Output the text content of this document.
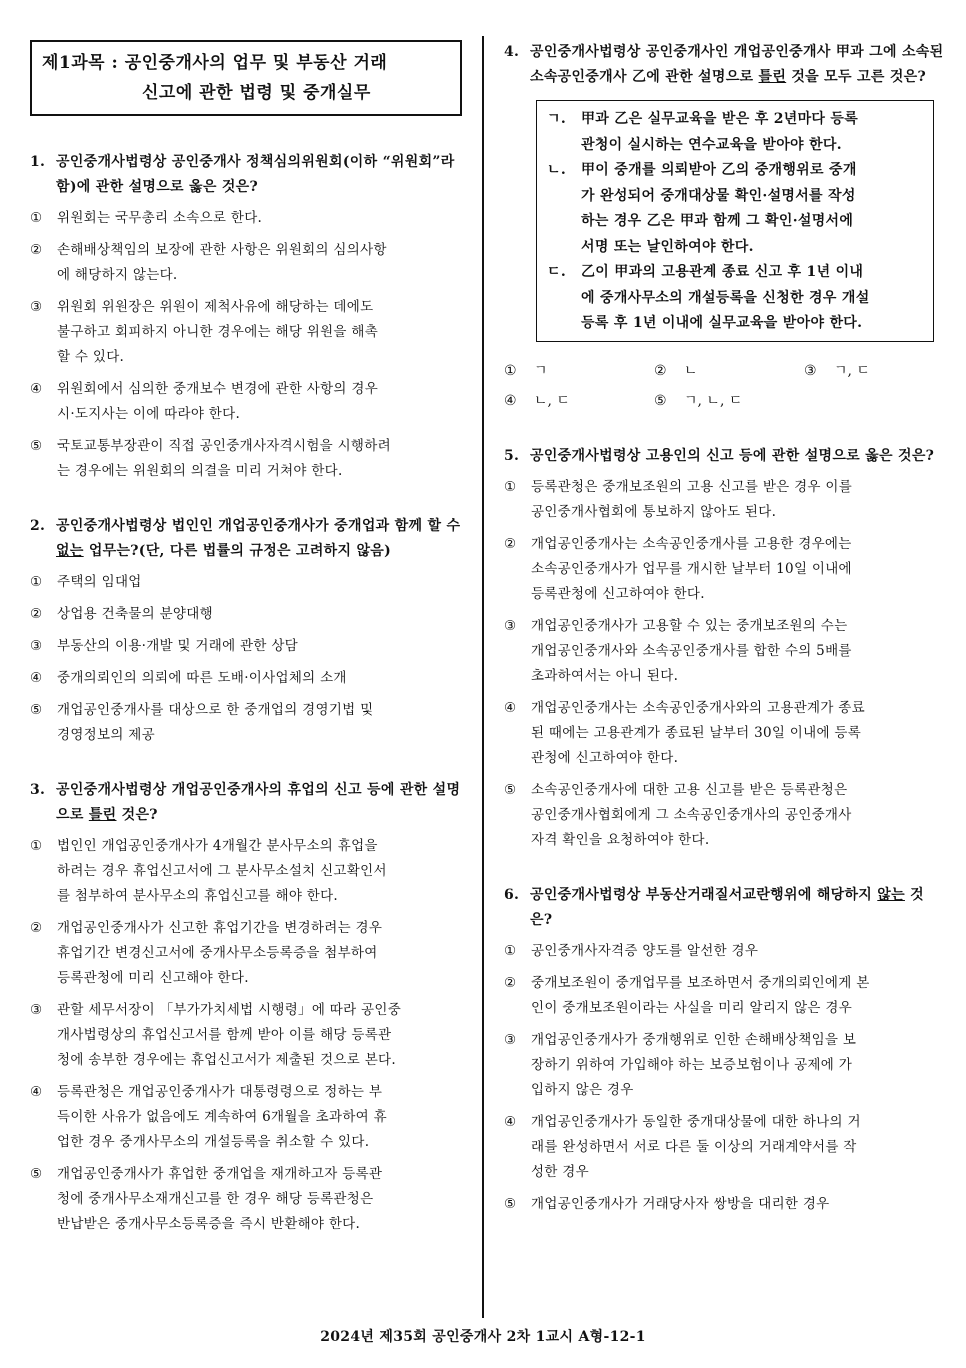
제1과목 : 공인중개사의 업무 및 부동산 거래
신고에 관한 법령 및 중개실무
1. 공인중개사법령상 공인중개사 정책심의위원회(이하 “위원회”라 함)에 관한 설명으로 옳은 것은?
①	위원회는 국무총리 소속으로 한다.
②	손해배상책임의 보장에 관한 사항은 위원회의 심의사항
에 해당하지 않는다.
③	위원회 위원장은 위원이 제척사유에 해당하는 데에도
불구하고 회피하지 아니한 경우에는 해당 위원을 해촉
할 수 있다.
④	위원회에서 심의한 중개보수 변경에 관한 사항의 경우
시·도지사는 이에 따라야 한다.
⑤	국토교통부장관이 직접 공인중개사자격시험을 시행하려
는 경우에는 위원회의 의결을 미리 거쳐야 한다.
2. 공인중개사법령상 법인인 개업공인중개사가 중개업과 함께 할 수 없는 업무는?(단, 다른 법률의 규정은 고려하지 않음)
①	주택의 임대업
②	상업용 건축물의 분양대행
③	부동산의 이용·개발 및 거래에 관한 상담
④	중개의뢰인의 의뢰에 따른 도배·이사업체의 소개
⑤	개업공인중개사를 대상으로 한 중개업의 경영기법 및
경영정보의 제공
3. 공인중개사법령상 개업공인중개사의 휴업의 신고 등에 관한 설명으로 틀린 것은?
①	법인인 개업공인중개사가 4개월간 분사무소의 휴업을
하려는 경우 휴업신고서에 그 분사무소설치 신고확인서
를 첨부하여 분사무소의 휴업신고를 해야 한다.
②	개업공인중개사가 신고한 휴업기간을 변경하려는 경우
휴업기간 변경신고서에 중개사무소등록증을 첨부하여
등록관청에 미리 신고해야 한다.
③	관할 세무서장이 「부가가치세법 시행령」에 따라 공인중
개사법령상의 휴업신고서를 함께 받아 이를 해당 등록관
청에 송부한 경우에는 휴업신고서가 제출된 것으로 본다.
④	등록관청은 개업공인중개사가 대통령령으로 정하는 부
득이한 사유가 없음에도 계속하여 6개월을 초과하여 휴
업한 경우 중개사무소의 개설등록을 취소할 수 있다.
⑤	개업공인중개사가 휴업한 중개업을 재개하고자 등록관
청에 중개사무소재개신고를 한 경우 해당 등록관청은
반납받은 중개사무소등록증을 즉시 반환해야 한다.
4. 공인중개사법령상 공인중개사인 개업공인중개사 甲과 그에 소속된 소속공인중개사 乙에 관한 설명으로 틀린 것을 모두 고른 것은?
ㄱ.	甲과 乙은 실무교육을 받은 후 2년마다 등록
관청이 실시하는 연수교육을 받아야 한다.
ㄴ.	甲이 중개를 의뢰받아 乙의 중개행위로 중개
가 완성되어 중개대상물 확인·설명서를 작성
하는 경우 乙은 甲과 함께 그 확인·설명서에
서명 또는 날인하여야 한다.
ㄷ.	乙이 甲과의 고용관계 종료 신고 후 1년 이내
에 중개사무소의 개설등록을 신청한 경우 개설
등록 후 1년 이내에 실무교육을 받아야 한다.
①	ㄱ	②	ㄴ	③	ㄱ, ㄷ
④	ㄴ, ㄷ	⑤	ㄱ, ㄴ, ㄷ
5. 공인중개사법령상 고용인의 신고 등에 관한 설명으로 옳은 것은?
①	등록관청은 중개보조원의 고용 신고를 받은 경우 이를
공인중개사협회에 통보하지 않아도 된다.
②	개업공인중개사는 소속공인중개사를 고용한 경우에는
소속공인중개사가 업무를 개시한 날부터 10일 이내에
등록관청에 신고하여야 한다.
③	개업공인중개사가 고용할 수 있는 중개보조원의 수는
개업공인중개사와 소속공인중개사를 합한 수의 5배를
초과하여서는 아니 된다.
④	개업공인중개사는 소속공인중개사와의 고용관계가 종료
된 때에는 고용관계가 종료된 날부터 30일 이내에 등록
관청에 신고하여야 한다.
⑤	소속공인중개사에 대한 고용 신고를 받은 등록관청은
공인중개사협회에게 그 소속공인중개사의 공인중개사
자격 확인을 요청하여야 한다.
6. 공인중개사법령상 부동산거래질서교란행위에 해당하지 않는 것은?
①	공인중개사자격증 양도를 알선한 경우
②	중개보조원이 중개업무를 보조하면서 중개의뢰인에게 본
인이 중개보조원이라는 사실을 미리 알리지 않은 경우
③	개업공인중개사가 중개행위로 인한 손해배상책임을 보
장하기 위하여 가입해야 하는 보증보험이나 공제에 가
입하지 않은 경우
④	개업공인중개사가 동일한 중개대상물에 대한 하나의 거
래를 완성하면서 서로 다른 둘 이상의 거래계약서를 작
성한 경우
⑤	개업공인중개사가 거래당사자 쌍방을 대리한 경우
2024년 제35회 공인중개사 2차 1교시 A형-12-1
